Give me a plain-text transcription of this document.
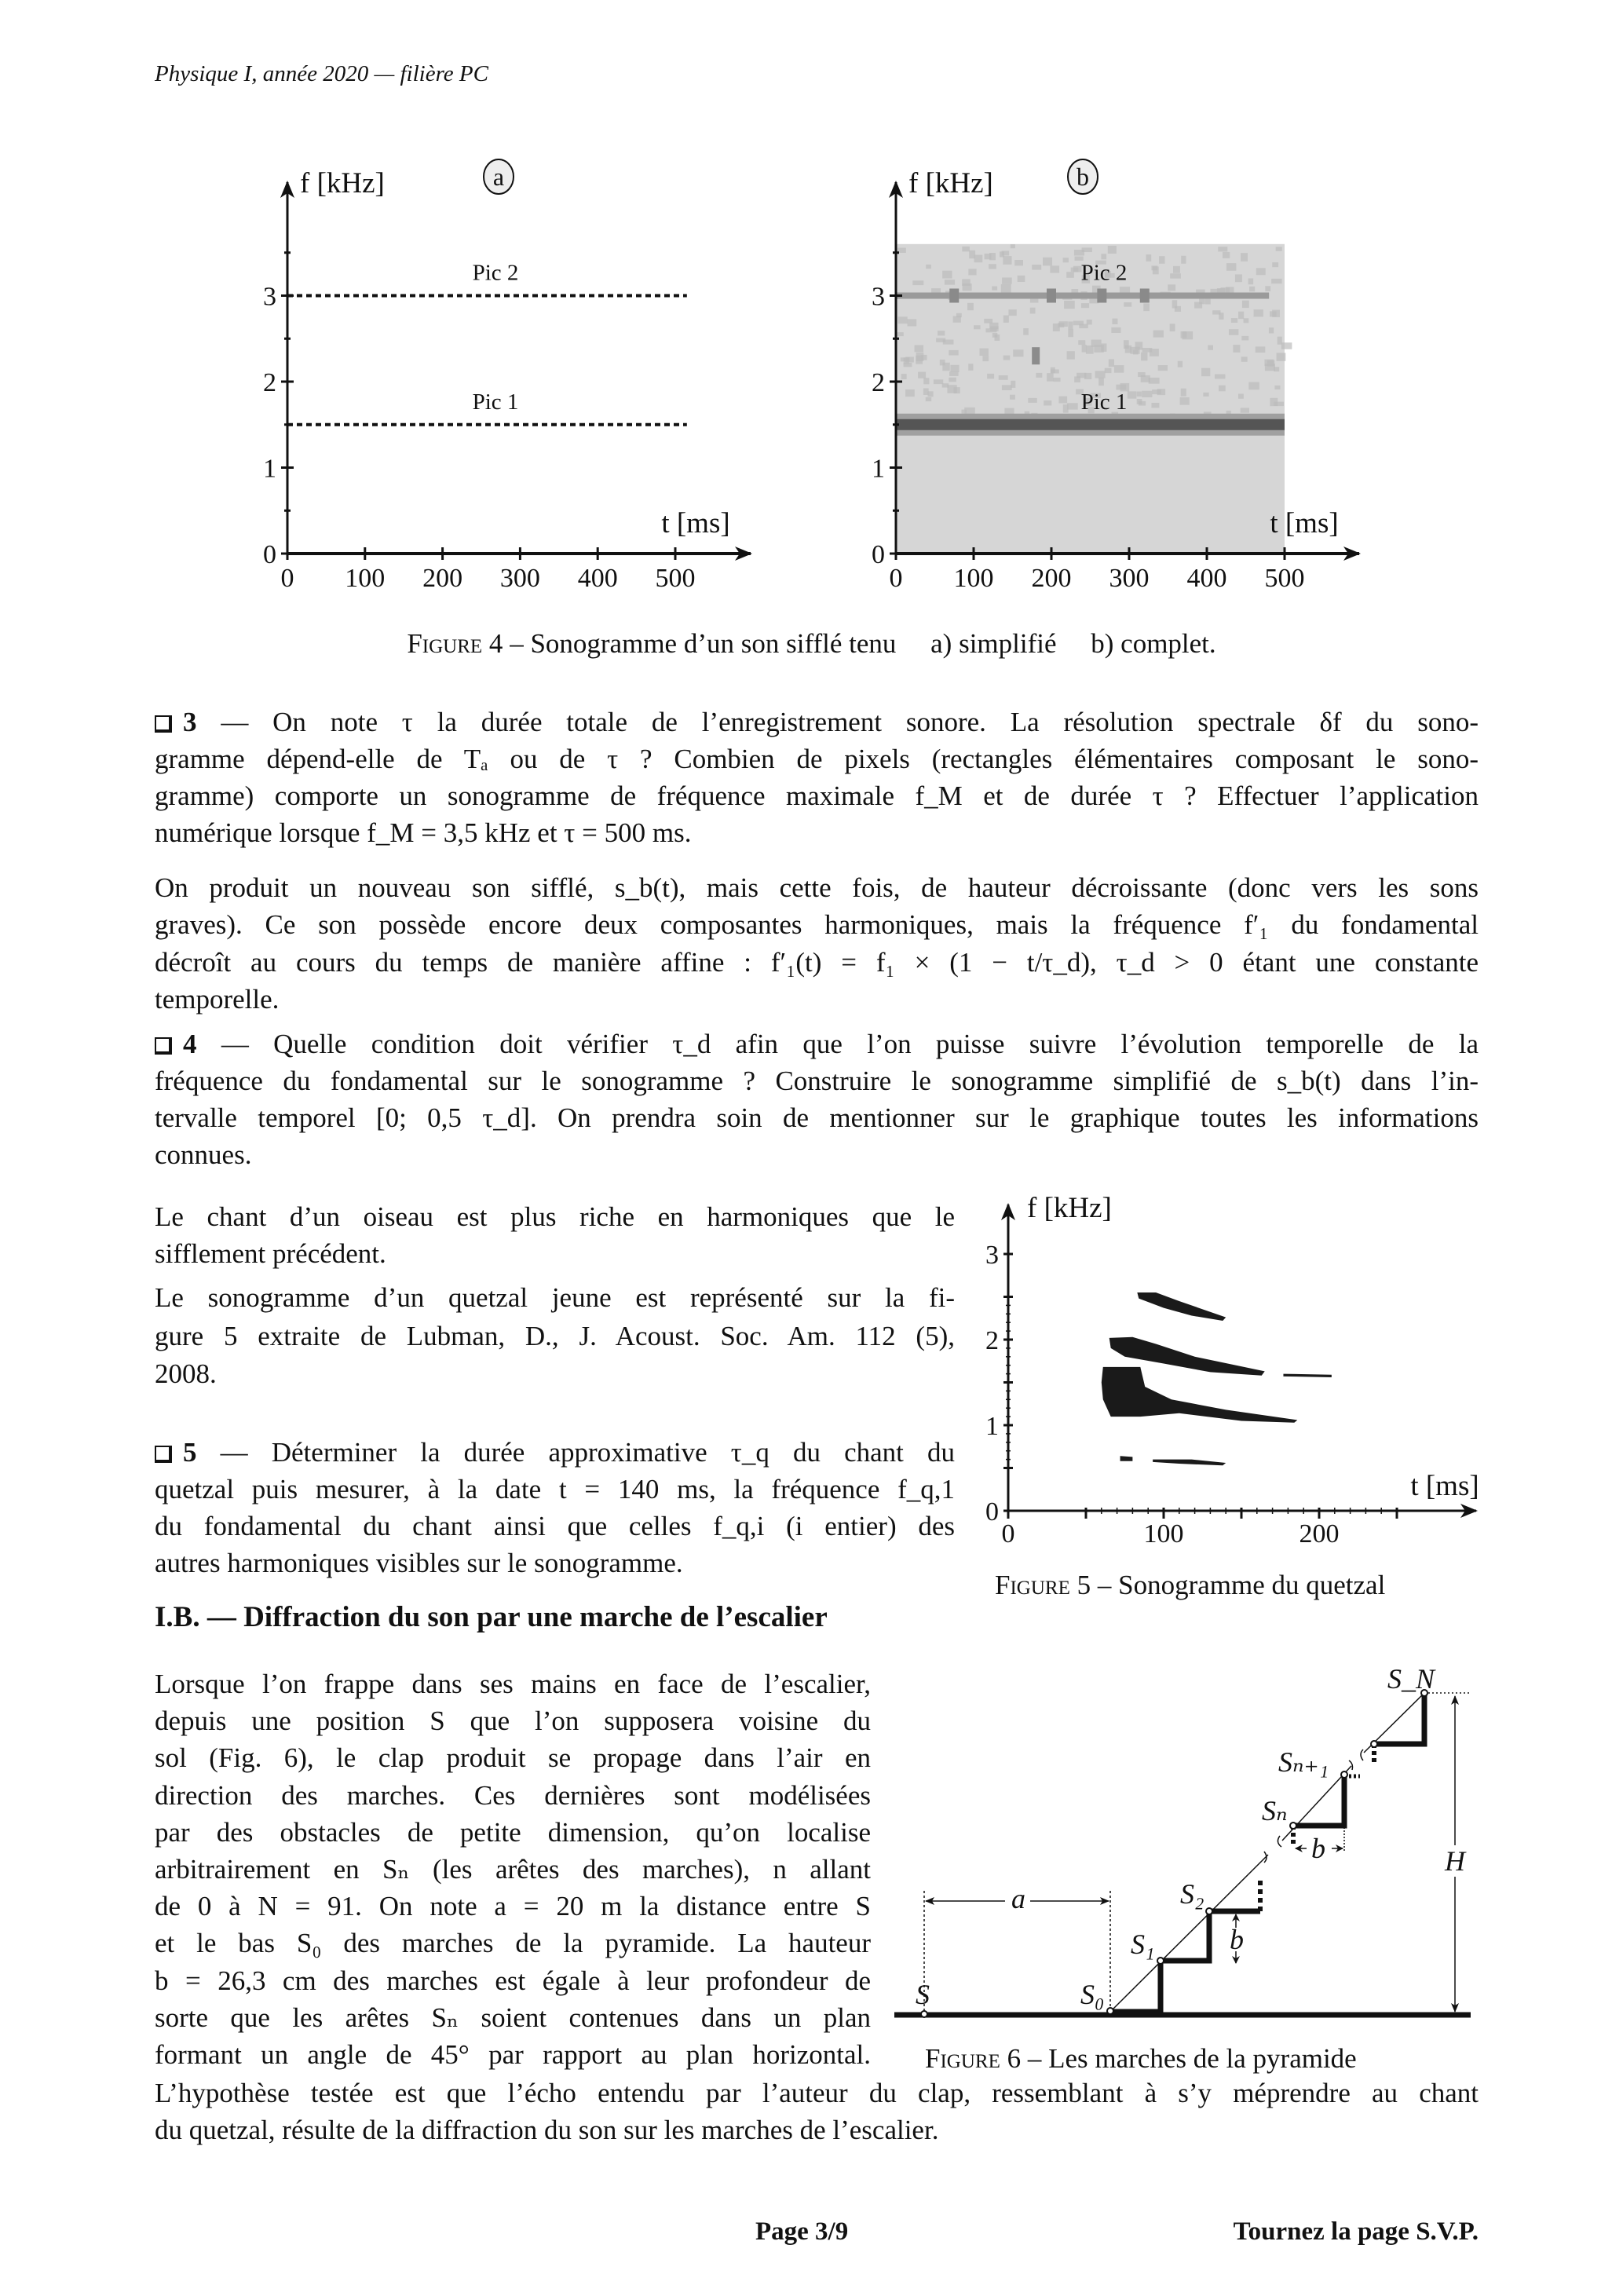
Physique I, année 2020 — filière PC
Pic 2
Pic 1
0
1
2
3
0 100 200 300 400 500
f [kHz]
t [ms]
a
Pic 2
Pic 1
0
1
2
3
0 100 200 300 400 500
f [kHz]
t [ms]
b
0
1
2
3
0	100	200
f [kHz]
t [ms]
S	S₀
S₁
S₂
Sₙ
Sₙ₊₁
S_N
a
b
b
H
Figure 4 – Sonogramme d’un son sifflé tenu     a) simplifié     b) complet.
3 — On note τ la durée totale de l’enregistrement sonore. La résolution spectrale δf du sono-
gramme dépend-elle de Tₐ ou de τ ? Combien de pixels (rectangles élémentaires composant le sono-
gramme) comporte un sonogramme de fréquence maximale f_M et de durée τ ? Effectuer l’application
numérique lorsque f_M = 3,5 kHz et τ = 500 ms.
On produit un nouveau son sifflé, s_b(t), mais cette fois, de hauteur décroissante (donc vers les sons
graves). Ce son possède encore deux composantes harmoniques, mais la fréquence f′₁ du fondamental
décroît au cours du temps de manière affine : f′₁(t) = f₁ × (1 − t/τ_d), τ_d > 0 étant une constante
temporelle.
4 — Quelle condition doit vérifier τ_d afin que l’on puisse suivre l’évolution temporelle de la
fréquence du fondamental sur le sonogramme ? Construire le sonogramme simplifié de s_b(t) dans l’in-
tervalle temporel [0; 0,5 τ_d]. On prendra soin de mentionner sur le graphique toutes les informations
connues.
Le chant d’un oiseau est plus riche en harmoniques que le
sifflement précédent.
Le sonogramme d’un quetzal jeune est représenté sur la fi-
gure 5 extraite de Lubman, D., J. Acoust. Soc. Am. 112 (5),
2008.
5 — Déterminer la durée approximative τ_q du chant du
quetzal puis mesurer, à la date t = 140 ms, la fréquence f_q,1
du fondamental du chant ainsi que celles f_q,i (i entier) des
autres harmoniques visibles sur le sonogramme.
Figure 5 – Sonogramme du quetzal
I.B. — Diffraction du son par une marche de l’escalier
Lorsque l’on frappe dans ses mains en face de l’escalier,
depuis une position S que l’on supposera voisine du
sol (Fig. 6), le clap produit se propage dans l’air en
direction des marches. Ces dernières sont modélisées
par des obstacles de petite dimension, qu’on localise
arbitrairement en Sₙ (les arêtes des marches), n allant
de 0 à N = 91. On note a = 20 m la distance entre S
et le bas S₀ des marches de la pyramide. La hauteur
b = 26,3 cm des marches est égale à leur profondeur de
sorte que les arêtes Sₙ soient contenues dans un plan
formant un angle de 45° par rapport au plan horizontal. Figure 6 – Les marches de la pyramide
L’hypothèse testée est que l’écho entendu par l’auteur du clap, ressemblant à s’y méprendre au chant
du quetzal, résulte de la diffraction du son sur les marches de l’escalier.
Page 3/9	Tournez la page S.V.P.
